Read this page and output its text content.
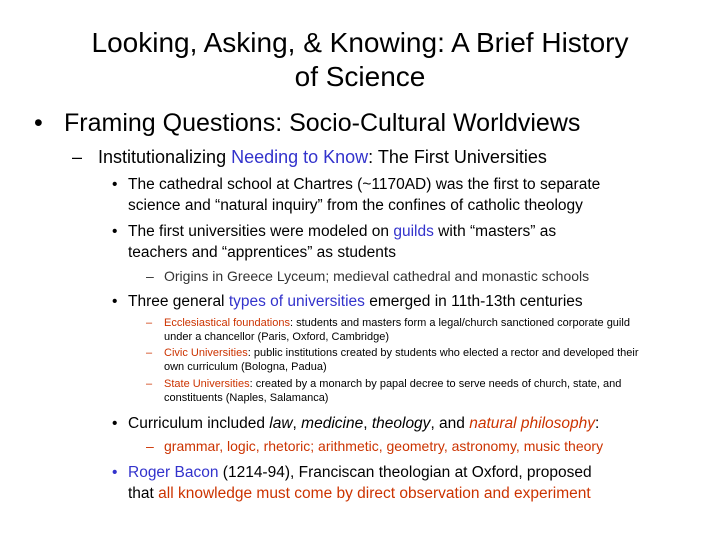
Looking, Asking, & Knowing: A Brief History
of Science
• Framing Questions: Socio-Cultural Worldviews
– Institutionalizing Needing to Know: The First Universities
• The cathedral school at Chartres (~1170AD) was the first to separate
science and “natural inquiry” from the confines of catholic theology
• The first universities were modeled on guilds with “masters” as
teachers and “apprentices” as students
– Origins in Greece Lyceum; medieval cathedral and monastic schools
• Three general types of universities emerged in 11th-13th centuries
– Ecclesiastical foundations: students and masters form a legal/church sanctioned corporate guild
under a chancellor (Paris, Oxford, Cambridge)
– Civic Universities: public institutions created by students who elected a rector and developed their
own curriculum (Bologna, Padua)
– State Universities: created by a monarch by papal decree to serve needs of church, state, and
constituents (Naples, Salamanca)
• Curriculum included law, medicine, theology, and natural philosophy:
– grammar, logic, rhetoric; arithmetic, geometry, astronomy, music theory
• Roger Bacon (1214-94), Franciscan theologian at Oxford, proposed
that all knowledge must come by direct observation and experiment
